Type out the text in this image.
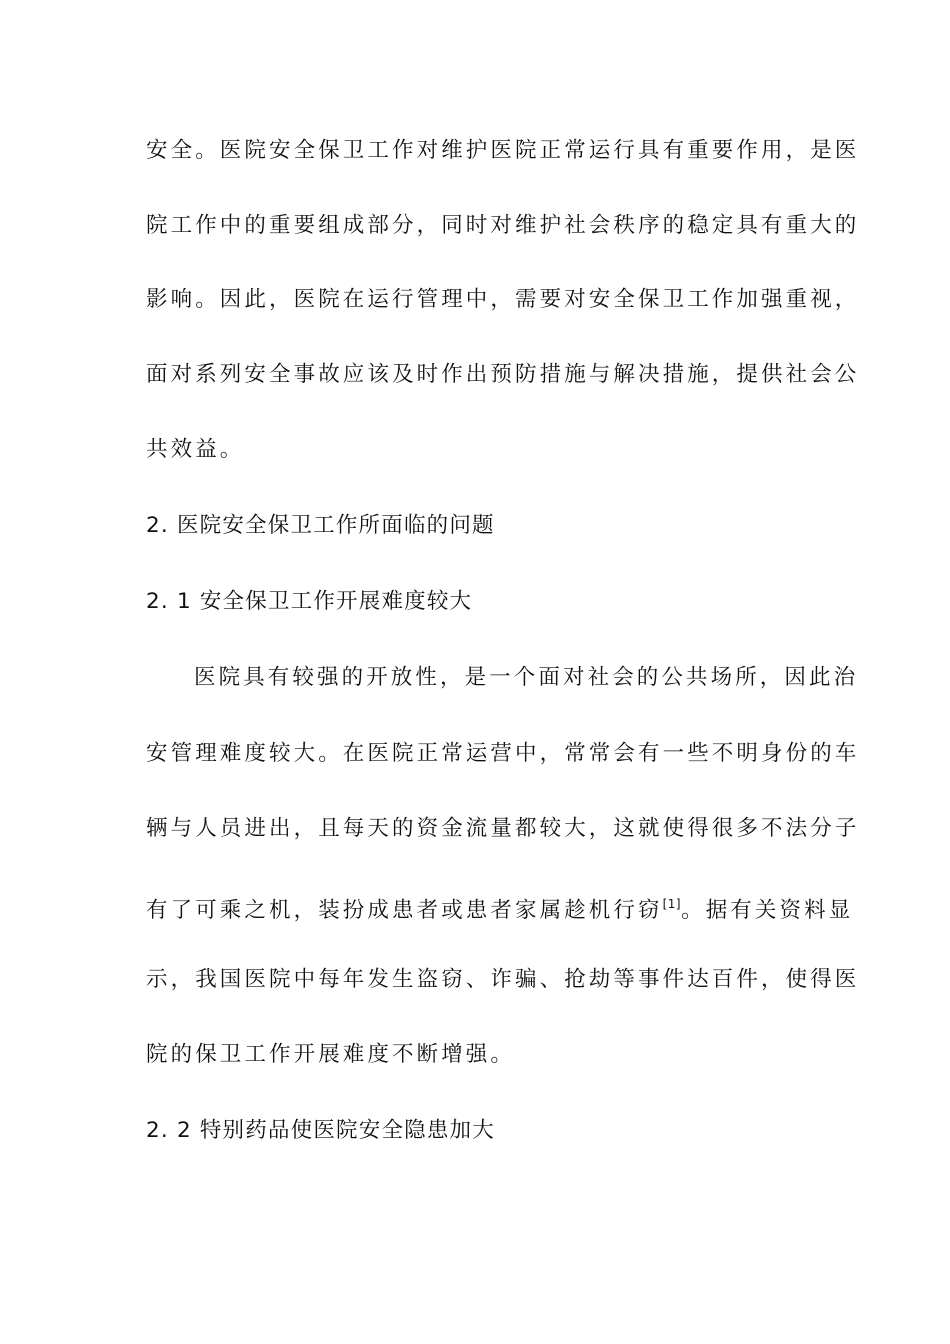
安全。医院安全保卫工作对维护医院正常运行具有重要作用，是医
院工作中的重要组成部分，同时对维护社会秩序的稳定具有重大的
影响。因此，医院在运行管理中，需要对安全保卫工作加强重视，
面对系列安全事故应该及时作出预防措施与解决措施，提供社会公
共效益。
2. 医院安全保卫工作所面临的问题
2. 1 安全保卫工作开展难度较大
医院具有较强的开放性，是一个面对社会的公共场所，因此治
安管理难度较大。在医院正常运营中，常常会有一些不明身份的车
辆与人员进出，且每天的资金流量都较大，这就使得很多不法分子
有了可乘之机，装扮成患者或患者家属趁机行窃[1]。据有关资料显
示，我国医院中每年发生盗窃、诈骗、抢劫等事件达百件，使得医
院的保卫工作开展难度不断增强。
2. 2 特别药品使医院安全隐患加大
